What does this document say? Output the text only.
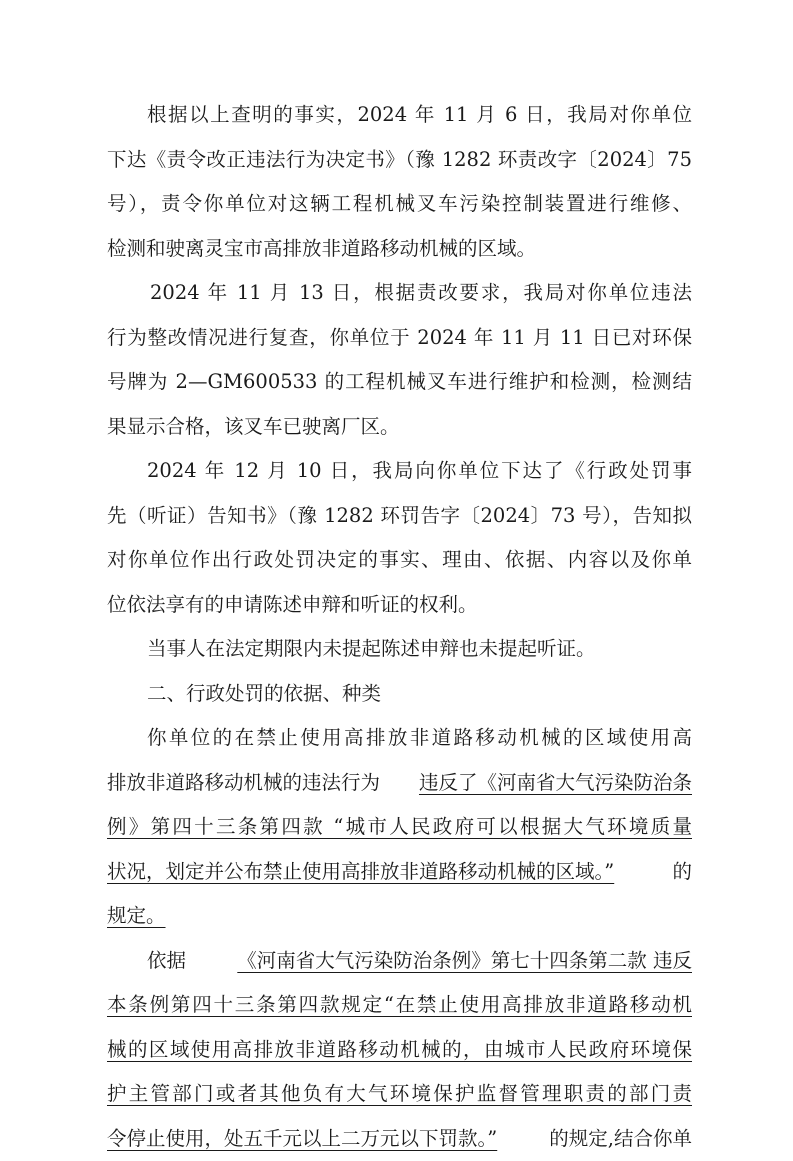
根据以上查明的事实，2024 年 11 月 6 日，我局对你单位
下达《责令改正违法行为决定书》（豫 1282 环责改字〔2024〕75
号），责令你单位对这辆工程机械叉车污染控制装置进行维修、
检测和驶离灵宝市高排放非道路移动机械的区域。
2024 年 11 月 13 日，根据责改要求，我局对你单位违法
行为整改情况进行复查，你单位于 2024 年 11 月 11 日已对环保
号牌为 2—GM600533 的工程机械叉车进行维护和检测，检测结
果显示合格，该叉车已驶离厂区。
2024 年 12 月 10 日，我局向你单位下达了《行政处罚事
先（听证）告知书》（豫 1282 环罚告字〔2024〕73 号），告知拟
对你单位作出行政处罚决定的事实、理由、依据、内容以及你单
位依法享有的申请陈述申辩和听证的权利。
当事人在法定期限内未提起陈述申辩也未提起听证。
二、行政处罚的依据、种类
你单位的在禁止使用高排放非道路移动机械的区域使用高
排放非道路移动机械的违法行为 违反了《河南省大气污染防治条
例》第四十三条第四款 “城市人民政府可以根据大气环境质量
状况，划定并公布禁止使用高排放非道路移动机械的区域。”	的
规定。
依据	《河南省大气污染防治条例》第七十四条第二款 违反
本条例第四十三条第四款规定“在禁止使用高排放非道路移动机
械的区域使用高排放非道路移动机械的，由城市人民政府环境保
护主管部门或者其他负有大气环境保护监督管理职责的部门责
令停止使用，处五千元以上二万元以下罚款。”	的规定,结合你单
